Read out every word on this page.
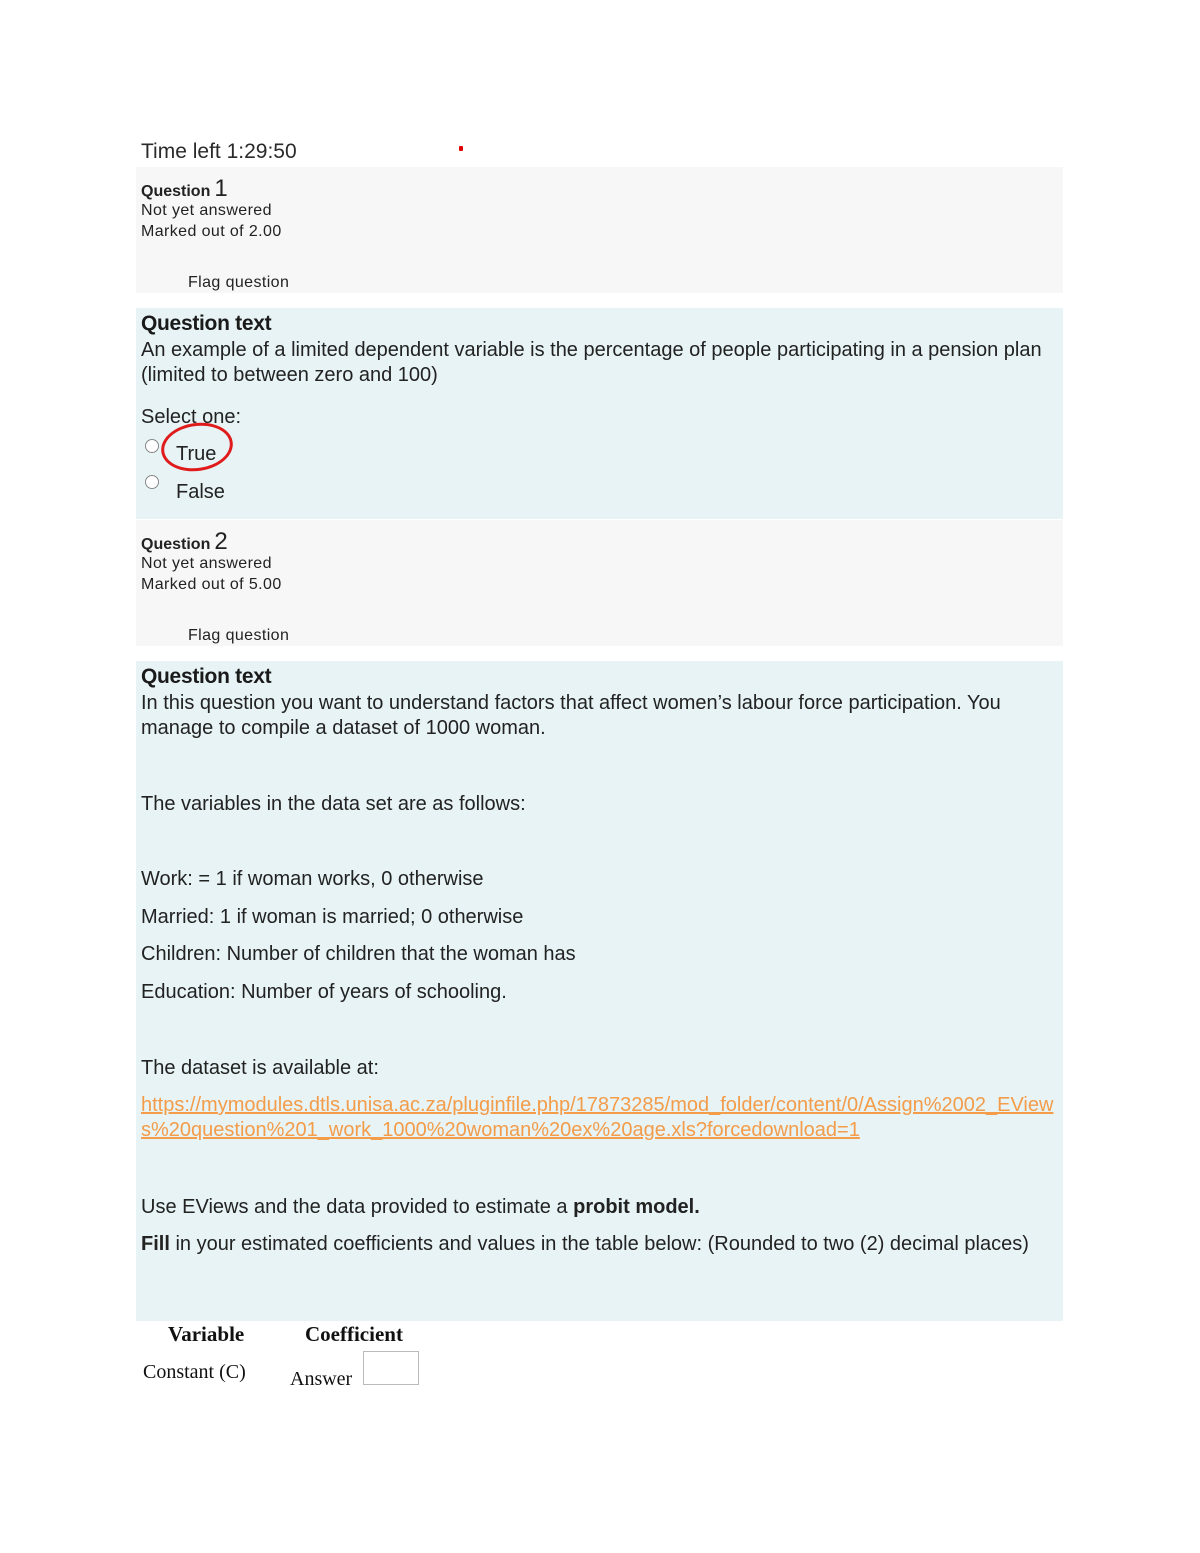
Time left 1:29:50
Question 1
Not yet answered
Marked out of 2.00
Flag question
Question text
An example of a limited dependent variable is the percentage of people participating in a pension plan (limited to between zero and 100)
Select one:
True
False
Question 2
Not yet answered
Marked out of 5.00
Flag question
Question text
In this question you want to understand factors that affect women’s labour force participation. You manage to compile a dataset of 1000 woman.
The variables in the data set are as follows:
Work: = 1 if woman works, 0 otherwise
Married: 1 if woman is married; 0 otherwise
Children: Number of children that the woman has
Education: Number of years of schooling.
The dataset is available at:
https://mymodules.dtls.unisa.ac.za/pluginfile.php/17873285/mod_folder/content/0/Assign%2002_EViews%20question%201_work_1000%20woman%20ex%20age.xls?forcedownload=1
Use EViews and the data provided to estimate a probit model.
Fill in your estimated coefficients and values in the table below: (Rounded to two (2) decimal places)
Variable	Coefficient
Constant (C) Answer
